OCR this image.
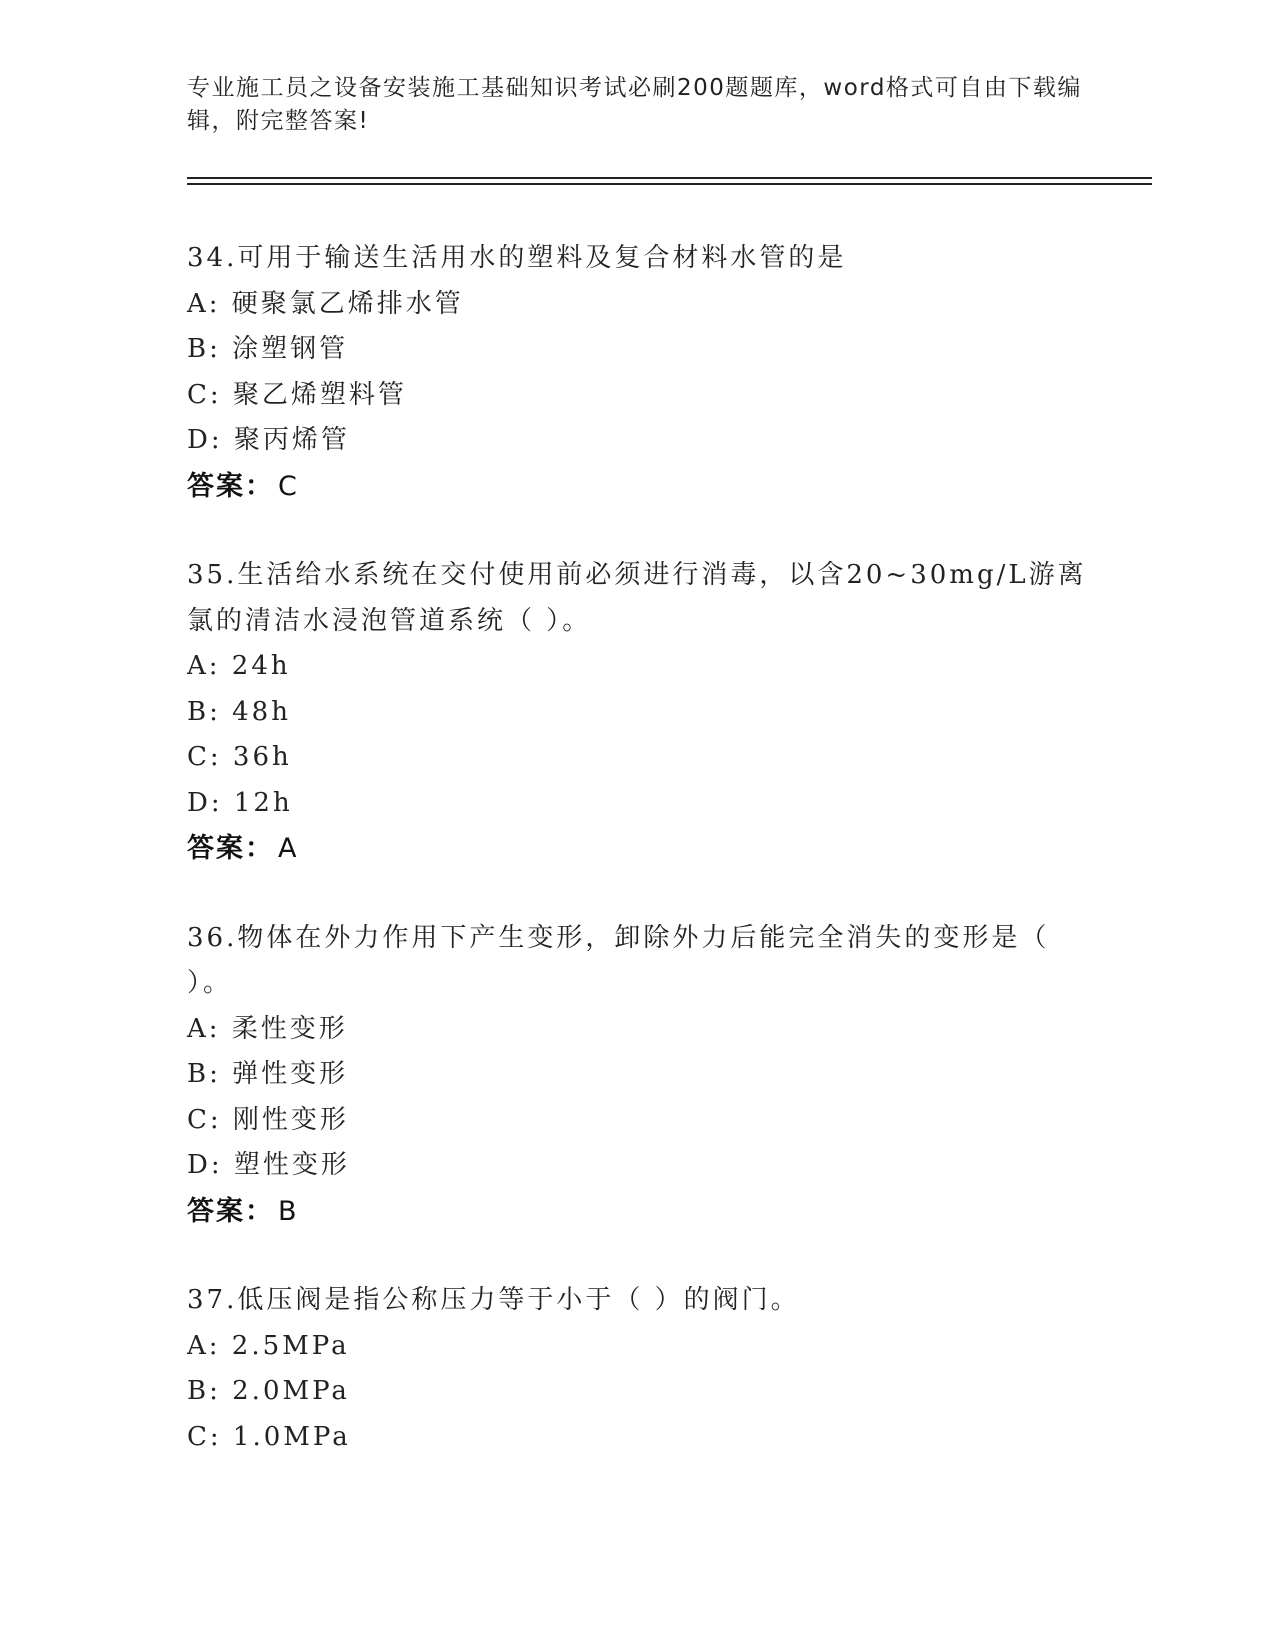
专业施工员之设备安装施工基础知识考试必刷200题题库，word格式可自由下载编辑，附完整答案!
34.可用于输送生活用水的塑料及复合材料水管的是
A: 硬聚氯乙烯排水管
B: 涂塑钢管
C: 聚乙烯塑料管
D: 聚丙烯管
答案： C
35.生活给水系统在交付使用前必须进行消毒，以含20~30mg/L游离氯的清洁水浸泡管道系统（ ）。
A: 24h
B: 48h
C: 36h
D: 12h
答案： A
36.物体在外力作用下产生变形，卸除外力后能完全消失的变形是（ ）。
A: 柔性变形
B: 弹性变形
C: 刚性变形
D: 塑性变形
答案： B
37.低压阀是指公称压力等于小于（ ）的阀门。
A: 2.5MPa
B: 2.0MPa
C: 1.0MPa
